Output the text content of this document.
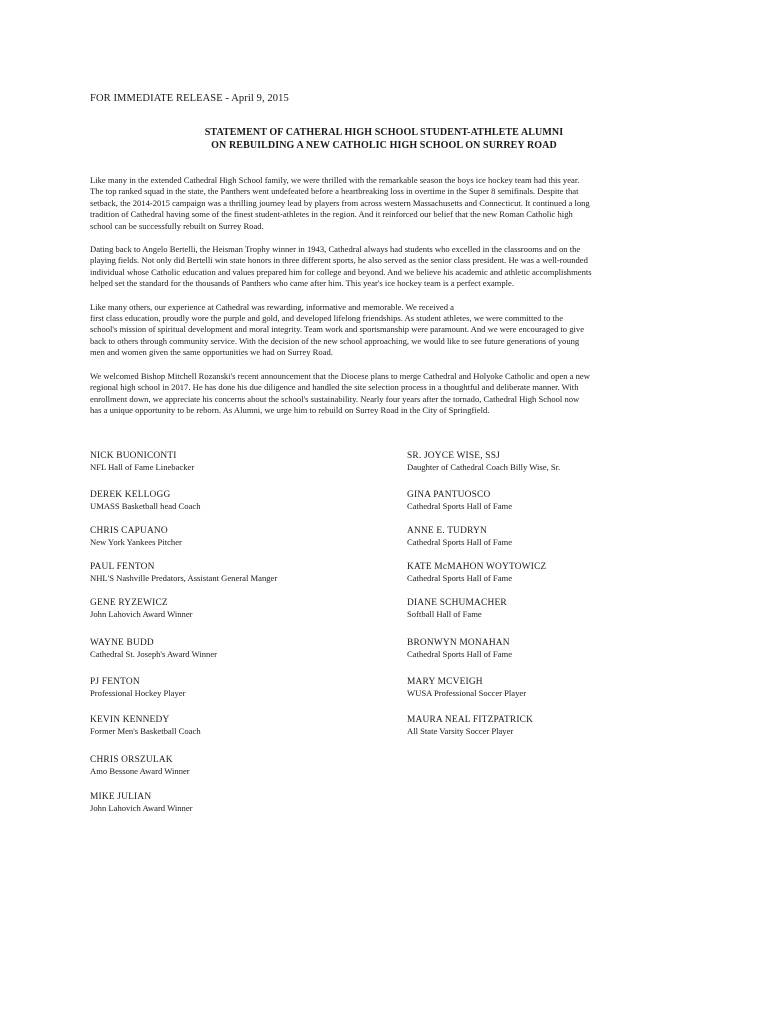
FOR IMMEDIATE RELEASE - April 9, 2015
STATEMENT OF CATHERAL HIGH SCHOOL STUDENT-ATHLETE ALUMNI
ON REBUILDING A NEW CATHOLIC HIGH SCHOOL ON SURREY ROAD

Like many in the extended Cathedral High School family, we were thrilled with the remarkable season the boys ice hockey team had this year.
The top ranked squad in the state, the Panthers went undefeated before a heartbreaking loss in overtime in the Super 8 semifinals. Despite that
setback, the 2014-2015 campaign was a thrilling journey lead by players from across western Massachusetts and Connecticut. It continued a long
tradition of Cathedral having some of the finest student-athletes in the region. And it reinforced our belief that the new Roman Catholic high
school can be successfully rebuilt on Surrey Road.

Dating back to Angelo Bertelli, the Heisman Trophy winner in 1943, Cathedral always had students who excelled in the classrooms and on the
playing fields. Not only did Bertelli win state honors in three different sports, he also served as the senior class president. He was a well-rounded
individual whose Catholic education and values prepared him for college and beyond. And we believe his academic and athletic accomplishments
helped set the standard for the thousands of Panthers who came after him. This year's ice hockey team is a perfect example.

Like many others, our experience at Cathedral was rewarding, informative and memorable. We received a
first class education, proudly wore the purple and gold, and developed lifelong friendships. As student athletes, we were committed to the
school's mission of spiritual development and moral integrity. Team work and sportsmanship were paramount. And we were encouraged to give
back to others through community service. With the decision of the new school approaching, we would like to see future generations of young
men and women given the same opportunities we had on Surrey Road.

We welcomed Bishop Mitchell Rozanski's recent announcement that the Diocese plans to merge Cathedral and Holyoke Catholic and open a new
regional high school in 2017. He has done his due diligence and handled the site selection process in a thoughtful and deliberate manner. With
enrollment down, we appreciate his concerns about the school's sustainability. Nearly four years after the tornado, Cathedral High School now
has a unique opportunity to be reborn. As Alumni, we urge him to rebuild on Surrey Road in the City of Springfield.

NICK BUONICONTI
NFL Hall of Fame Linebacker
DEREK KELLOGG
UMASS Basketball head Coach
CHRIS CAPUANO
New York Yankees Pitcher
PAUL FENTON
NHL'S Nashville Predators, Assistant General Manger
GENE RYZEWICZ
John Lahovich Award Winner
WAYNE BUDD
Cathedral St. Joseph's Award Winner
PJ FENTON
Professional Hockey Player
KEVIN KENNEDY
Former Men's Basketball Coach
CHRIS ORSZULAK
Amo Bessone Award Winner
MIKE JULIAN
John Lahovich Award Winner
SR. JOYCE WISE, SSJ
Daughter of Cathedral Coach Billy Wise, Sr.
GINA PANTUOSCO
Cathedral Sports Hall of Fame
ANNE E. TUDRYN
Cathedral Sports Hall of Fame
KATE McMAHON WOYTOWICZ
Cathedral Sports Hall of Fame
DIANE SCHUMACHER
Softball Hall of Fame
BRONWYN MONAHAN
Cathedral Sports Hall of Fame
MARY MCVEIGH
WUSA Professional Soccer Player
MAURA NEAL FITZPATRICK
All State Varsity Soccer Player
